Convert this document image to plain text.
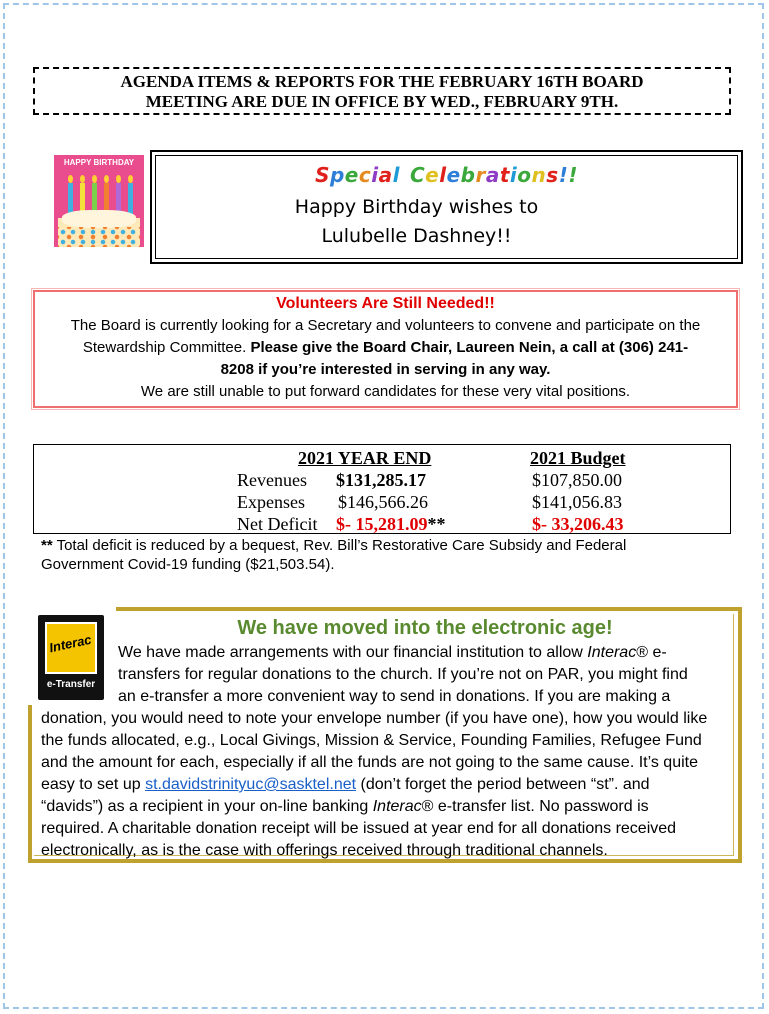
AGENDA ITEMS & REPORTS FOR THE FEBRUARY 16TH BOARD
MEETING ARE DUE IN OFFICE BY WED., FEBRUARY 9TH.
HAPPY BIRTHDAY
Special Celebrations!!
Happy Birthday wishes to
Lulubelle Dashney!!
Volunteers Are Still Needed!!
The Board is currently looking for a Secretary and volunteers to convene and participate on the
Stewardship Committee. Please give the Board Chair, Laureen Nein, a call at (306) 241-
8208 if you’re interested in serving in any way.
We are still unable to put forward candidates for these very vital positions.
2021 YEAR END	2021 Budget
Revenues $131,285.17	$107,850.00
Expenses $146,566.26	$141,056.83
Net Deficit $- 15,281.09**	$- 33,206.43
** Total deficit is reduced by a bequest, Rev. Bill’s Restorative Care Subsidy and Federal
Government Covid-19 funding ($21,503.54).
Interac
e-Transfer
We have moved into the electronic age!
We have made arrangements with our financial institution to allow Interac® e-
transfers for regular donations to the church. If you’re not on PAR, you might find
an e-transfer a more convenient way to send in donations. If you are making a
donation, you would need to note your envelope number (if you have one), how you would like
the funds allocated, e.g., Local Givings, Mission & Service, Founding Families, Refugee Fund
and the amount for each, especially if all the funds are not going to the same cause. It’s quite
easy to set up st.davidstrinityuc@sasktel.net (don’t forget the period between “st”. and
“davids”) as a recipient in your on-line banking Interac® e-transfer list. No password is
required. A charitable donation receipt will be issued at year end for all donations received
electronically, as is the case with offerings received through traditional channels.
